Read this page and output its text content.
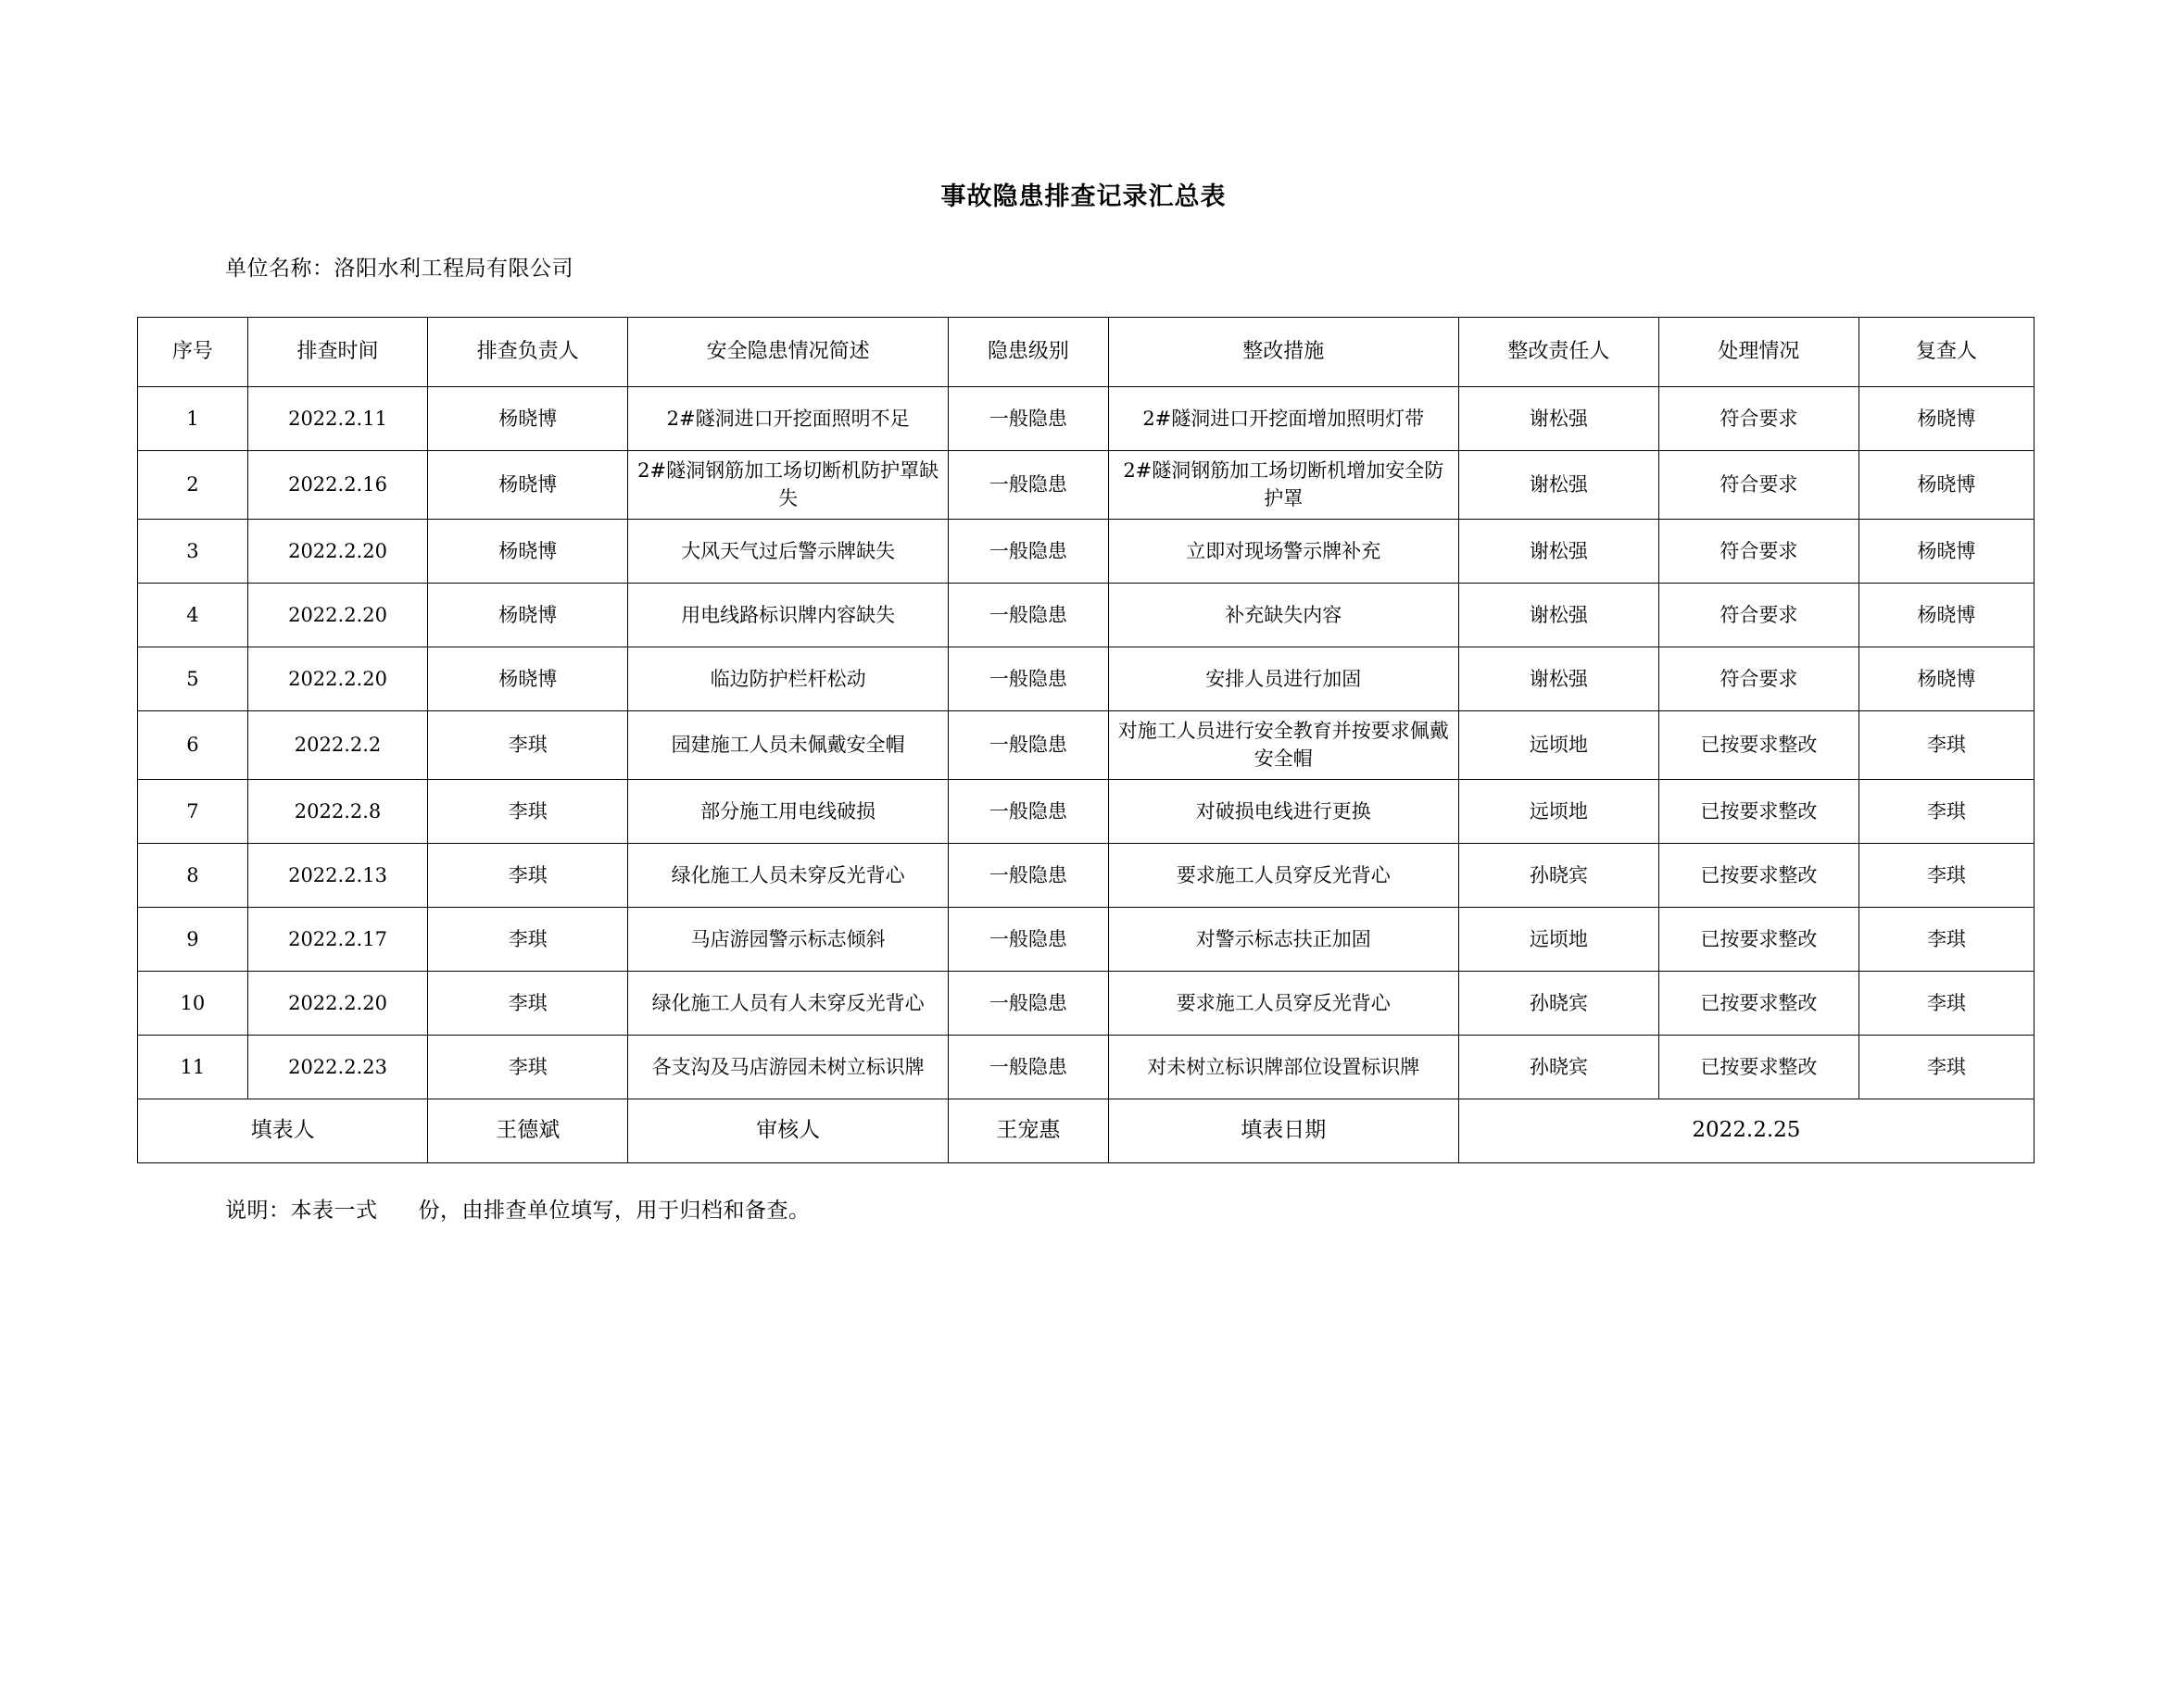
事故隐患排查记录汇总表
单位名称：洛阳水利工程局有限公司
序号	排查时间	排查负责人	安全隐患情况简述	隐患级别	整改措施	整改责任人	处理情况	复查人
1	2022.2.11	杨晓博	2#隧洞进口开挖面照明不足	一般隐患	2#隧洞进口开挖面增加照明灯带	谢松强	符合要求	杨晓博
2	2022.2.16	杨晓博	2#隧洞钢筋加工场切断机防护罩缺失	一般隐患	2#隧洞钢筋加工场切断机增加安全防护罩	谢松强	符合要求	杨晓博
3	2022.2.20	杨晓博	大风天气过后警示牌缺失	一般隐患	立即对现场警示牌补充	谢松强	符合要求	杨晓博
4	2022.2.20	杨晓博	用电线路标识牌内容缺失	一般隐患	补充缺失内容	谢松强	符合要求	杨晓博
5	2022.2.20	杨晓博	临边防护栏杆松动	一般隐患	安排人员进行加固	谢松强	符合要求	杨晓博
6	2022.2.2	李琪	园建施工人员未佩戴安全帽	一般隐患	对施工人员进行安全教育并按要求佩戴安全帽	远顷地	已按要求整改	李琪
7	2022.2.8	李琪	部分施工用电线破损	一般隐患	对破损电线进行更换	远顷地	已按要求整改	李琪
8	2022.2.13	李琪	绿化施工人员未穿反光背心	一般隐患	要求施工人员穿反光背心	孙晓宾	已按要求整改	李琪
9	2022.2.17	李琪	马店游园警示标志倾斜	一般隐患	对警示标志扶正加固	远顷地	已按要求整改	李琪
10	2022.2.20	李琪	绿化施工人员有人未穿反光背心	一般隐患	要求施工人员穿反光背心	孙晓宾	已按要求整改	李琪
11	2022.2.23	李琪	各支沟及马店游园未树立标识牌	一般隐患	对未树立标识牌部位设置标识牌	孙晓宾	已按要求整改	李琪
填表人		王德斌	审核人	王宠惠	填表日期	2022.2.25		
说明：本表一式 份，由排查单位填写，用于归档和备查。
